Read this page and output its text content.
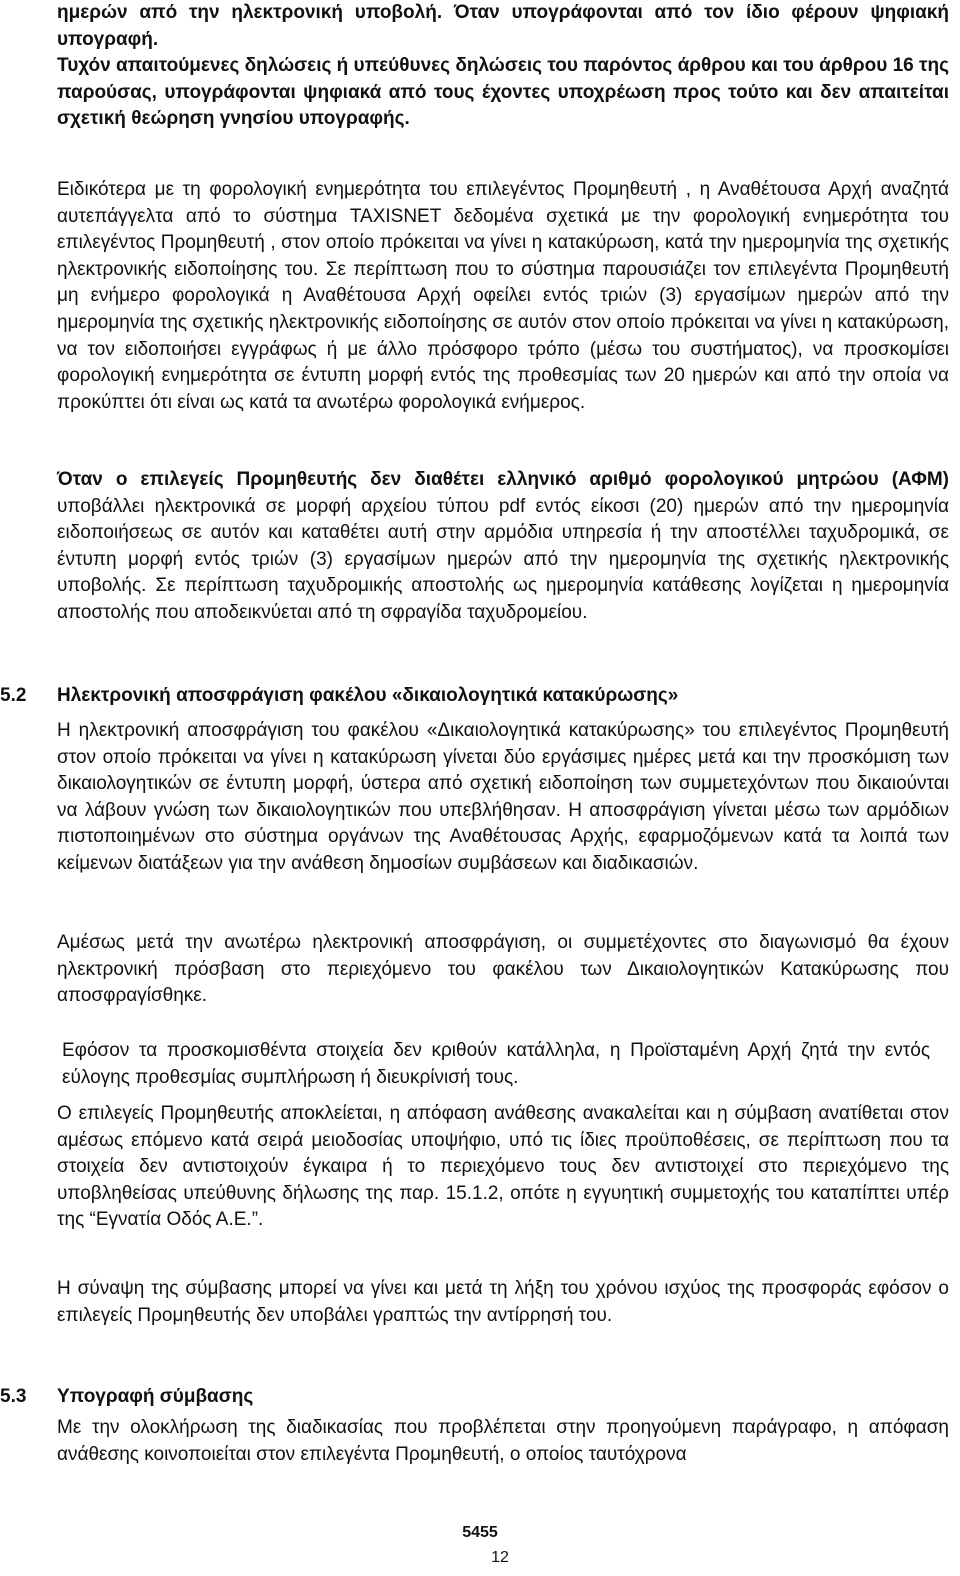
ημερών από την ηλεκτρονική υποβολή. Όταν υπογράφονται από τον ίδιο φέρουν ψηφιακή υπογραφή.

Τυχόν απαιτούμενες δηλώσεις ή υπεύθυνες δηλώσεις του παρόντος άρθρου και του άρθρου 16 της παρούσας, υπογράφονται ψηφιακά από τους έχοντες υποχρέωση προς τούτο και δεν απαιτείται σχετική θεώρηση γνησίου υπογραφής.

Ειδικότερα με τη φορολογική ενημερότητα του επιλεγέντος Προμηθευτή , η Αναθέτουσα Αρχή αναζητά αυτεπάγγελτα από το σύστημα TAXISNET δεδομένα σχετικά με την φορολογική ενημερότητα του επιλεγέντος Προμηθευτή , στον οποίο πρόκειται να γίνει η κατακύρωση, κατά την ημερομηνία της σχετικής ηλεκτρονικής ειδοποίησης του. Σε περίπτωση που το σύστημα παρουσιάζει τον επιλεγέντα Προμηθευτή μη ενήμερο φορολογικά η Αναθέτουσα Αρχή οφείλει εντός τριών (3) εργασίμων ημερών από την ημερομηνία της σχετικής ηλεκτρονικής ειδοποίησης σε αυτόν στον οποίο πρόκειται να γίνει η κατακύρωση, να τον ειδοποιήσει εγγράφως ή με άλλο πρόσφορο τρόπο (μέσω του συστήματος), να προσκομίσει φορολογική ενημερότητα σε έντυπη μορφή εντός της προθεσμίας των 20 ημερών και από την οποία να προκύπτει ότι είναι ως κατά τα ανωτέρω φορολογικά ενήμερος.

Όταν ο επιλεγείς Προμηθευτής δεν διαθέτει ελληνικό αριθμό φορολογικού μητρώου (ΑΦΜ) υποβάλλει ηλεκτρονικά σε μορφή αρχείου τύπου pdf εντός είκοσι (20) ημερών από την ημερομηνία ειδοποιήσεως σε αυτόν και καταθέτει αυτή στην αρμόδια υπηρεσία ή την αποστέλλει ταχυδρομικά, σε έντυπη μορφή εντός τριών (3) εργασίμων ημερών από την ημερομηνία της σχετικής ηλεκτρονικής υποβολής. Σε περίπτωση ταχυδρομικής αποστολής ως ημερομηνία κατάθεσης λογίζεται η ημερομηνία αποστολής που αποδεικνύεται από τη σφραγίδα ταχυδρομείου.

5.2 Ηλεκτρονική αποσφράγιση φακέλου «δικαιολογητικά κατακύρωσης»

Η ηλεκτρονική αποσφράγιση του φακέλου «Δικαιολογητικά κατακύρωσης» του επιλεγέντος Προμηθευτή στον οποίο πρόκειται να γίνει η κατακύρωση γίνεται δύο εργάσιμες ημέρες μετά και την προσκόμιση των δικαιολογητικών σε έντυπη μορφή, ύστερα από σχετική ειδοποίηση των συμμετεχόντων που δικαιούνται να λάβουν γνώση των δικαιολογητικών που υπεβλήθησαν. Η αποσφράγιση γίνεται μέσω των αρμόδιων πιστοποιημένων στο σύστημα οργάνων της Αναθέτουσας Αρχής, εφαρμοζόμενων κατά τα λοιπά των κείμενων διατάξεων για την ανάθεση δημοσίων συμβάσεων και διαδικασιών.

Αμέσως μετά την ανωτέρω ηλεκτρονική αποσφράγιση, οι συμμετέχοντες στο διαγωνισμό θα έχουν ηλεκτρονική πρόσβαση στο περιεχόμενο του φακέλου των Δικαιολογητικών Κατακύρωσης που αποσφραγίσθηκε.

Εφόσον τα προσκομισθέντα στοιχεία δεν κριθούν κατάλληλα, η Προϊσταμένη Αρχή ζητά την εντός εύλογης προθεσμίας συμπλήρωση ή διευκρίνισή τους.

Ο επιλεγείς Προμηθευτής αποκλείεται, η απόφαση ανάθεσης ανακαλείται και η σύμβαση ανατίθεται στον αμέσως επόμενο κατά σειρά μειοδοσίας υποψήφιο, υπό τις ίδιες προϋποθέσεις, σε περίπτωση που τα στοιχεία δεν αντιστοιχούν έγκαιρα ή το περιεχόμενο τους δεν αντιστοιχεί στο περιεχόμενο της υποβληθείσας υπεύθυνης δήλωσης της παρ. 15.1.2, οπότε η εγγυητική συμμετοχής του καταπίπτει υπέρ της “Εγνατία Οδός Α.Ε.”.

Η σύναψη της σύμβασης μπορεί να γίνει και μετά τη λήξη του χρόνου ισχύος της προσφοράς εφόσον ο επιλεγείς Προμηθευτής δεν υποβάλει γραπτώς την αντίρρησή του.

5.3 Υπογραφή σύμβασης

Με την ολοκλήρωση της διαδικασίας που προβλέπεται στην προηγούμενη παράγραφο, η απόφαση ανάθεσης κοινοποιείται στον επιλεγέντα Προμηθευτή, ο οποίος ταυτόχρονα

5455

12
